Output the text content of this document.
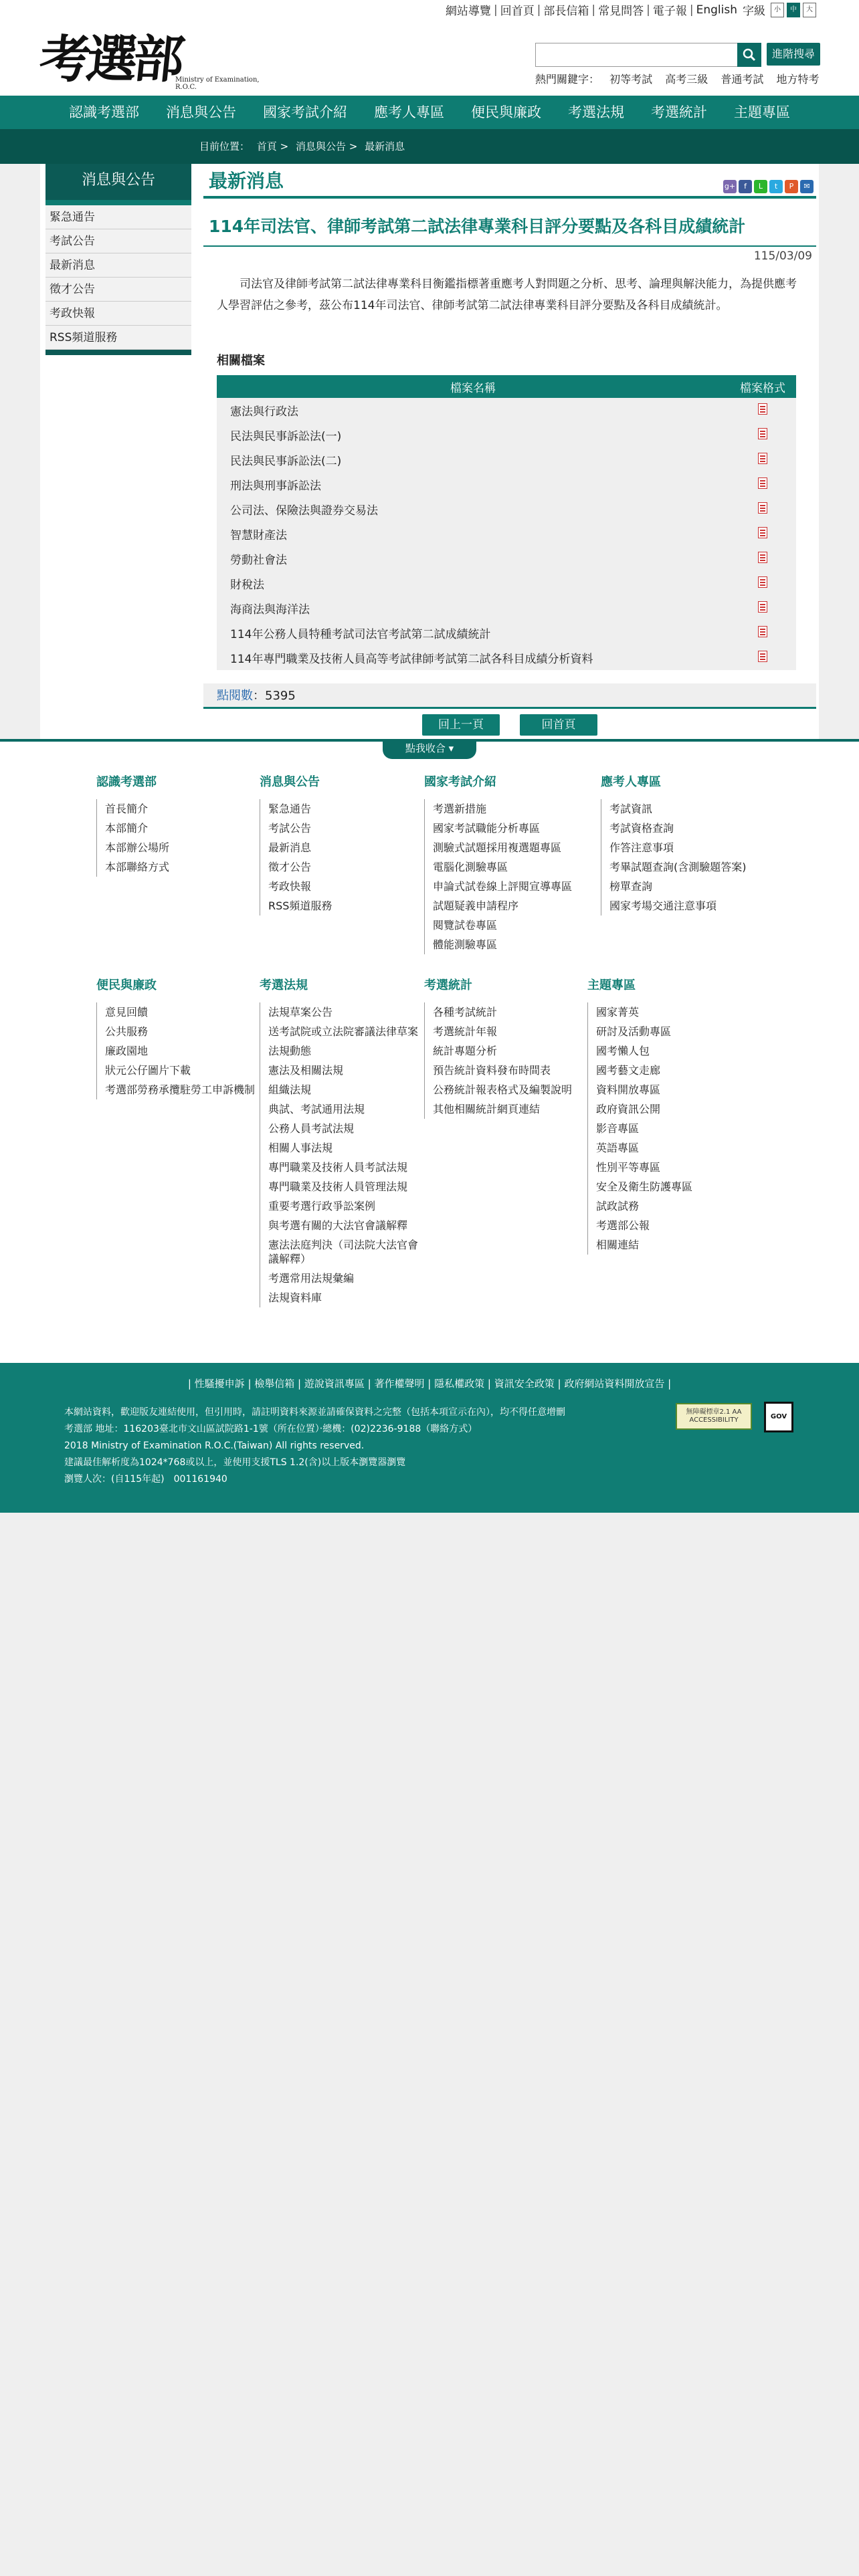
考選部
Ministry of Examination, R.O.C.
網站導覽 | 回首頁 | 部長信箱 | 常見問答 | 電子報 | English 字級	小	中	大
進階搜尋
熱門關鍵字： 初等考試 高考三級 普通考試 地方特考
認識考選部	消息與公告	國家考試介紹	應考人專區	便民與廉政	考選法規	考選統計	主題專區
目前位置： 首頁 > 消息與公告 > 最新消息
消息與公告
緊急通告
考試公告
最新消息
徵才公告
考政快報
RSS頻道服務
最新消息	g+	f	L	t	P	✉
114年司法官、律師考試第二試法律專業科目評分要點及各科目成績統計
115/03/09

司法官及律師考試第二試法律專業科目衡鑑指標著重應考人對問題之分析、思考、論理與解決能力，為提供應考人學習評估之參考，茲公布114年司法官、律師考試第二試法律專業科目評分要點及各科目成績統計。

相關檔案
檔案名稱	檔案格式
憲法與行政法	
民法與民事訴訟法(一)	
民法與民事訴訟法(二)	
刑法與刑事訴訟法	
公司法、保險法與證券交易法	
智慧財產法	
勞動社會法	
財稅法	
海商法與海洋法	
114年公務人員特種考試司法官考試第二試成績統計	
114年專門職業及技術人員高等考試律師考試第二試各科目成績分析資料	
點閱數：5395
回上一頁	回首頁
點我收合 ▾
認識考選部
首長簡介
本部簡介
本部辦公場所
本部聯絡方式
消息與公告
緊急通告
考試公告
最新消息
徵才公告
考政快報
RSS頻道服務
國家考試介紹
考選新措施
國家考試職能分析專區
測驗式試題採用複選題專區
電腦化測驗專區
申論式試卷線上評閱宣導專區
試題疑義申請程序
閱覽試卷專區
體能測驗專區
應考人專區
考試資訊
考試資格查詢
作答注意事項
考畢試題查詢(含測驗題答案)
榜單查詢
國家考場交通注意事項
便民與廉政
意見回饋
公共服務
廉政園地
狀元公仔圖片下載
考選部勞務承攬駐勞工申訴機制
考選法規
法規草案公告
送考試院或立法院審議法律草案
法規動態
憲法及相關法規
組織法規
典試、考試通用法規
公務人員考試法規
相關人事法規
專門職業及技術人員考試法規
專門職業及技術人員管理法規
重要考選行政爭訟案例
與考選有關的大法官會議解釋
憲法法庭判決（司法院大法官會議解釋）
考選常用法規彙編
法規資料庫
考選統計
各種考試統計
考選統計年報
統計專題分析
預告統計資料發布時間表
公務統計報表格式及編製說明
其他相關統計網頁連結
主題專區
國家菁英
研討及活動專區
國考懶人包
國考藝文走廊
資料開放專區
政府資訊公開
影音專區
英語專區
性別平等專區
安全及衛生防護專區
試政試務
考選部公報
相關連結
| 性騷擾申訴 | 檢舉信箱 | 遊說資訊專區 | 著作權聲明 | 隱私權政策 | 資訊安全政策 | 政府網站資料開放宣告 |
本網站資料，歡迎版友連結使用，但引用時，請註明資料來源並請確保資料之完整（包括本項宣示在內），均不得任意增刪
考選部 地址：116203臺北市文山區試院路1-1號（所在位置）‧總機：(02)2236-9188（聯絡方式）
2018 Ministry of Examination R.O.C.(Taiwan) All rights reserved.
建議最佳解析度為1024*768或以上，並使用支援TLS 1.2(含)以上版本瀏覽器瀏覽
瀏覽人次：(自115年起)　001161940
無障礙標章2.1 AA ACCESSIBILITY	GOV
